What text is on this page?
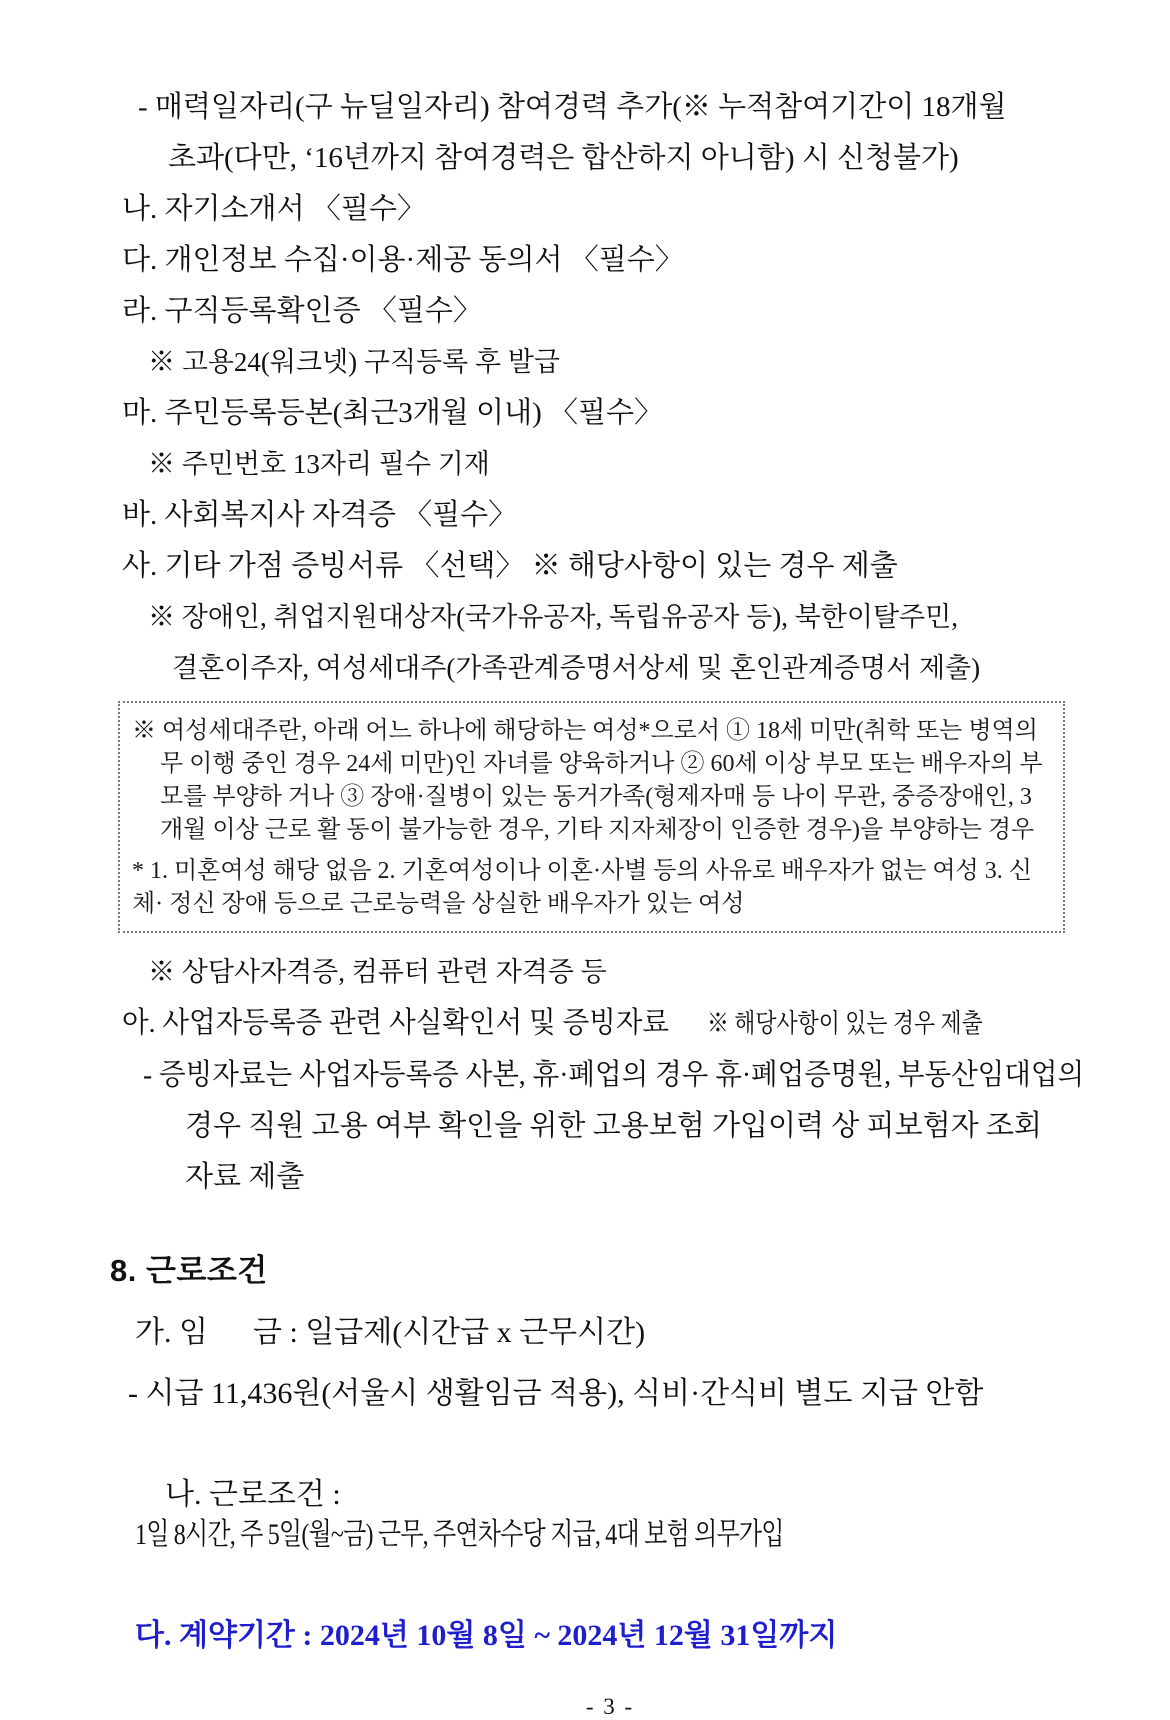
- 매력일자리(구 뉴딜일자리) 참여경력 추가(※ 누적참여기간이 18개월
초과(다만, ‘16년까지 참여경력은 합산하지 아니함) 시 신청불가)
나. 자기소개서 〈필수〉
다. 개인정보 수집·이용·제공 동의서 〈필수〉
라. 구직등록확인증 〈필수〉
※ 고용24(워크넷) 구직등록 후 발급
마. 주민등록등본(최근3개월 이내) 〈필수〉
※ 주민번호 13자리 필수 기재
바. 사회복지사 자격증 〈필수〉
사. 기타 가점 증빙서류 〈선택〉 ※ 해당사항이 있는 경우 제출
※ 장애인, 취업지원대상자(국가유공자, 독립유공자 등), 북한이탈주민,
결혼이주자, 여성세대주(가족관계증명서상세 및 혼인관계증명서 제출)

※ 여성세대주란, 아래 어느 하나에 해당하는 여성*으로서 ① 18세 미만(취학 또는 병역의무 이행 중인 경우 24세 미만)인 자녀를 양육하거나 ② 60세 이상 부모 또는 배우자의 부모를 부양하 거나 ③ 장애·질병이 있는 동거가족(형제자매 등 나이 무관, 중증장애인, 3개월 이상 근로 활 동이 불가능한 경우, 기타 지자체장이 인증한 경우)을 부양하는 경우

* 1. 미혼여성 해당 없음 2. 기혼여성이나 이혼·사별 등의 사유로 배우자가 없는 여성 3. 신체· 정신 장애 등으로 근로능력을 상실한 배우자가 있는 여성

※ 상담사자격증, 컴퓨터 관련 자격증 등
아. 사업자등록증 관련 사실확인서 및 증빙자료 ※ 해당사항이 있는 경우 제출
- 증빙자료는 사업자등록증 사본, 휴·폐업의 경우 휴·폐업증명원, 부동산임대업의
경우 직원 고용 여부 확인을 위한 고용보험 가입이력 상 피보험자 조회
자료 제출
8. 근로조건
가. 임      금 : 일급제(시간급 x 근무시간)
- 시급 11,436원(서울시 생활임금 적용), 식비·간식비 별도 지급 안함

나. 근로조건 : 1일 8시간, 주 5일(월~금) 근무, 주연차수당 지급, 4대 보험 의무가입

다. 계약기간 : 2024년 10월 8일 ~ 2024년 12월 31일까지
- 3 -
